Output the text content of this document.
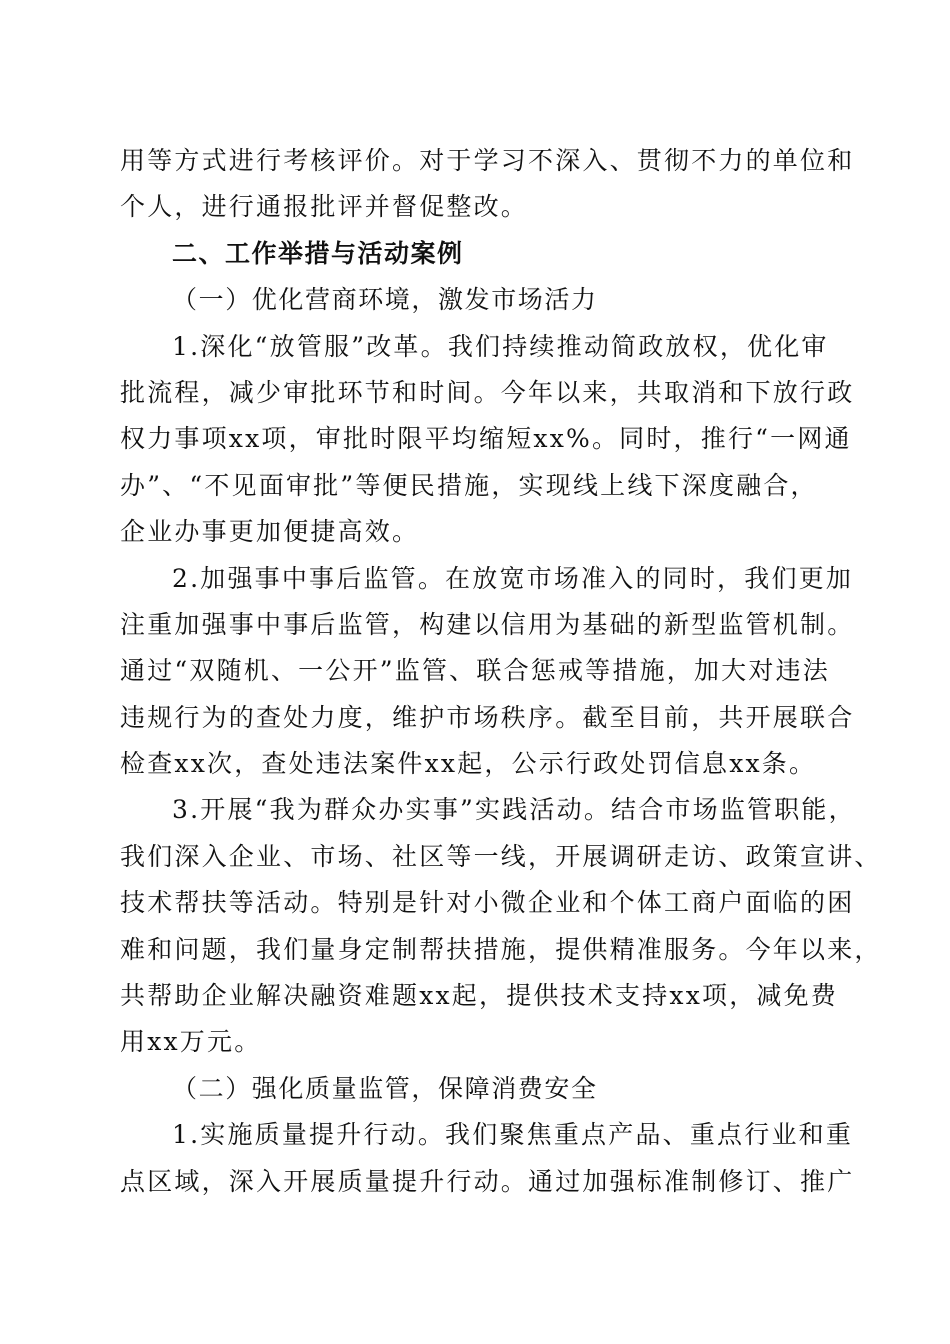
用等方式进行考核评价。对于学习不深入、贯彻不力的单位和
个人，进行通报批评并督促整改。
二、工作举措与活动案例
（一）优化营商环境，激发市场活力
1.深化“放管服”改革。我们持续推动简政放权，优化审
批流程，减少审批环节和时间。今年以来，共取消和下放行政
权力事项xx项，审批时限平均缩短xx%。同时，推行“一网通
办”、“不见面审批”等便民措施，实现线上线下深度融合，
企业办事更加便捷高效。
2.加强事中事后监管。在放宽市场准入的同时，我们更加
注重加强事中事后监管，构建以信用为基础的新型监管机制。
通过“双随机、一公开”监管、联合惩戒等措施，加大对违法
违规行为的查处力度，维护市场秩序。截至目前，共开展联合
检查xx次，查处违法案件xx起，公示行政处罚信息xx条。
3.开展“我为群众办实事”实践活动。结合市场监管职能，
我们深入企业、市场、社区等一线，开展调研走访、政策宣讲、
技术帮扶等活动。特别是针对小微企业和个体工商户面临的困
难和问题，我们量身定制帮扶措施，提供精准服务。今年以来，
共帮助企业解决融资难题xx起，提供技术支持xx项，减免费
用xx万元。
（二）强化质量监管，保障消费安全
1.实施质量提升行动。我们聚焦重点产品、重点行业和重
点区域，深入开展质量提升行动。通过加强标准制修订、推广
